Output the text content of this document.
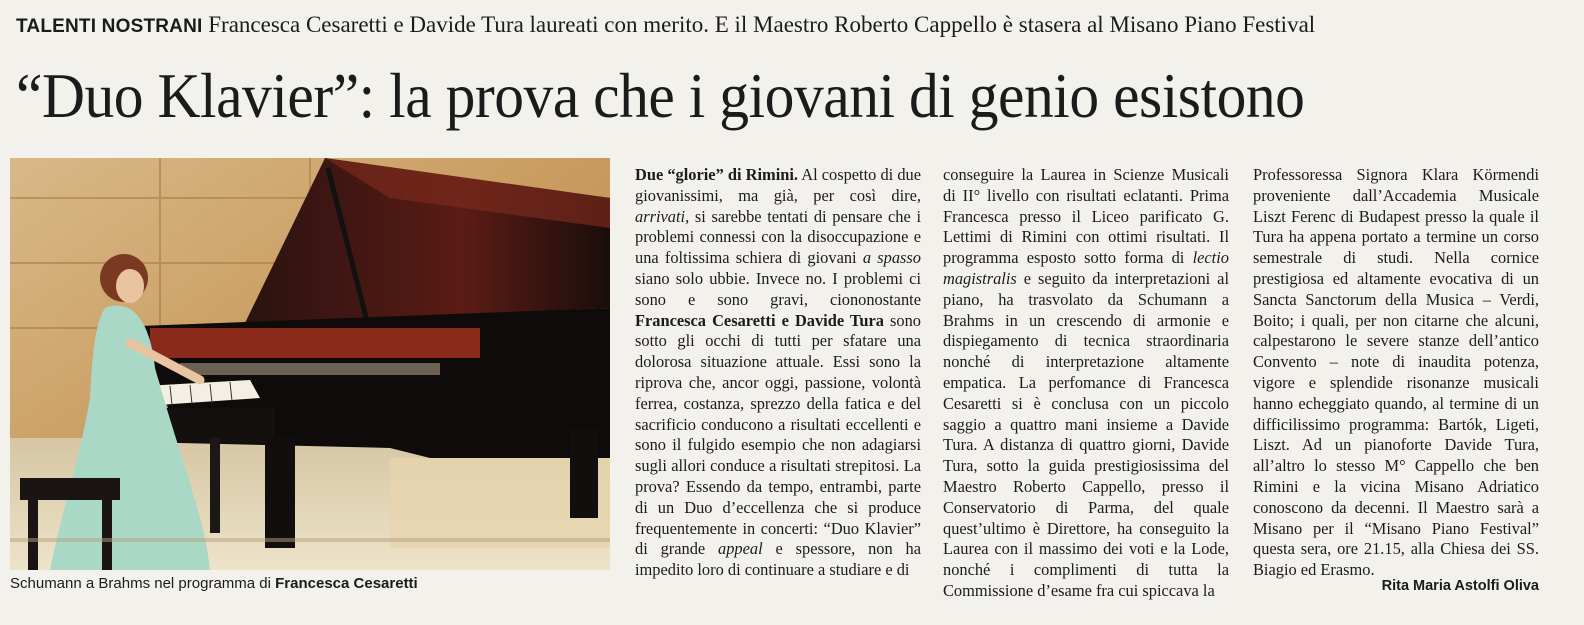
TALENTI NOSTRANI Francesca Cesaretti e Davide Tura laureati con merito. E il Maestro Roberto Cappello è stasera al Misano Piano Festival
“Duo Klavier”: la prova che i giovani di genio esistono
Schumann a Brahms nel programma di Francesca Cesaretti

Due “glorie” di Rimini. Al cospetto di due giovanissimi, ma già, per così dire, arrivati, si sarebbe tentati di pensare che i problemi connessi con la disoccupazione e una foltissima schiera di giovani a spasso siano solo ubbie. Invece no. I problemi ci sono e sono gravi, ciononostante Francesca Cesaretti e Davide Tura sono sotto gli occhi di tutti per sfatare una dolorosa situazione attuale. Essi sono la riprova che, ancor oggi, passione, volontà ferrea, costanza, sprezzo della fatica e del sacrificio conducono a risultati eccellenti e sono il fulgido esempio che non adagiarsi sugli allori conduce a risultati strepitosi. La prova? Essendo da tempo, entrambi, parte di un Duo d’eccellenza che si produce frequentemente in concerti: “Duo Klavier” di grande appeal e spessore, non ha impedito loro di continuare a studiare e di

conseguire la Laurea in Scienze Musicali di II° livello con risultati eclatanti. Prima Francesca presso il Liceo parificato G. Lettimi di Rimini con ottimi risultati. Il programma esposto sotto forma di lectio magistralis e seguito da interpretazioni al piano, ha trasvolato da Schumann a Brahms in un crescendo di armonie e dispiegamento di tecnica straordinaria nonché di interpretazione altamente empatica. La perfomance di Francesca Cesaretti si è conclusa con un piccolo saggio a quattro mani insieme a Davide Tura. A distanza di quattro giorni, Davide Tura, sotto la guida prestigiosissima del Maestro Roberto Cappello, presso il Conservatorio di Parma, del quale quest’ultimo è Direttore, ha conseguito la Laurea con il massimo dei voti e la Lode, nonché i complimenti di tutta la Commissione d’esame fra cui spiccava la

Professoressa Signora Klara Körmendi proveniente dall’Accademia Musicale Liszt Ferenc di Budapest presso la quale il Tura ha appena portato a termine un corso semestrale di studi. Nella cornice prestigiosa ed altamente evocativa di un Sancta Sanctorum della Musica – Verdi, Boito; i quali, per non citarne che alcuni, calpestarono le severe stanze dell’antico Convento – note di inaudita potenza, vigore e splendide risonanze musicali hanno echeggiato quando, al termine di un difficilissimo programma: Bartók, Ligeti, Liszt. Ad un pianoforte Davide Tura, all’altro lo stesso M° Cappello che ben Rimini e la vicina Misano Adriatico conoscono da decenni. Il Maestro sarà a Misano per il “Misano Piano Festival” questa sera, ore 21.15, alla Chiesa dei SS. Biagio ed Erasmo.

Rita Maria Astolfi Oliva
